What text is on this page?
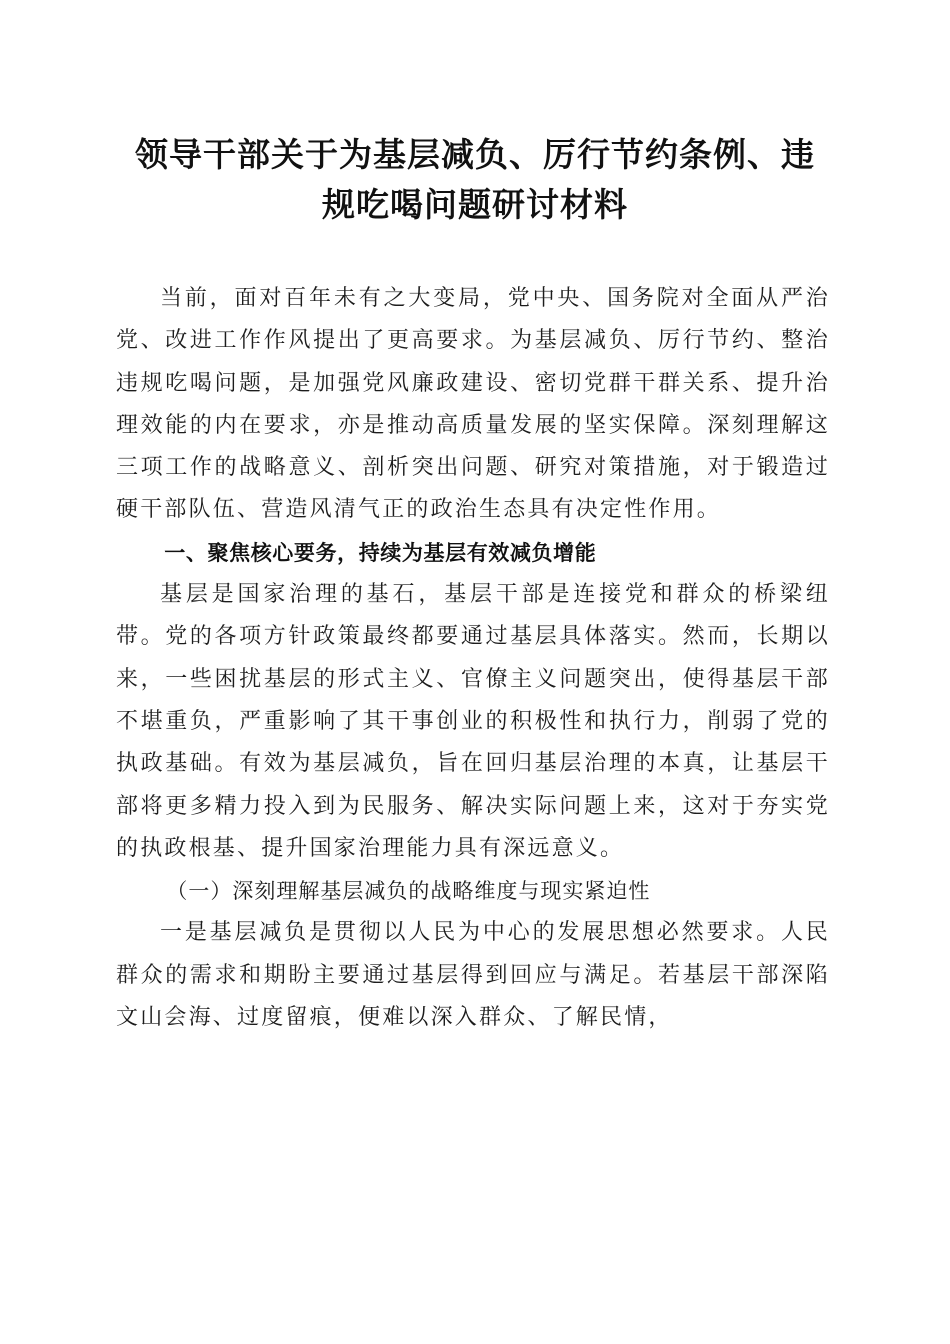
领导干部关于为基层减负、厉行节约条例、违
规吃喝问题研讨材料

当前，面对百年未有之大变局，党中央、国务院对全面从严治党、改进工作作风提出了更高要求。为基层减负、厉行节约、整治违规吃喝问题，是加强党风廉政建设、密切党群干群关系、提升治理效能的内在要求，亦是推动高质量发展的坚实保障。深刻理解这三项工作的战略意义、剖析突出问题、研究对策措施，对于锻造过硬干部队伍、营造风清气正的政治生态具有决定性作用。

一、聚焦核心要务，持续为基层有效减负增能

基层是国家治理的基石，基层干部是连接党和群众的桥梁纽带。党的各项方针政策最终都要通过基层具体落实。然而，长期以来，一些困扰基层的形式主义、官僚主义问题突出，使得基层干部不堪重负，严重影响了其干事创业的积极性和执行力，削弱了党的执政基础。有效为基层减负，旨在回归基层治理的本真，让基层干部将更多精力投入到为民服务、解决实际问题上来，这对于夯实党的执政根基、提升国家治理能力具有深远意义。

（一）深刻理解基层减负的战略维度与现实紧迫性

一是基层减负是贯彻以人民为中心的发展思想必然要求。人民群众的需求和期盼主要通过基层得到回应与满足。若基层干部深陷文山会海、过度留痕，便难以深入群众、了解民情，
